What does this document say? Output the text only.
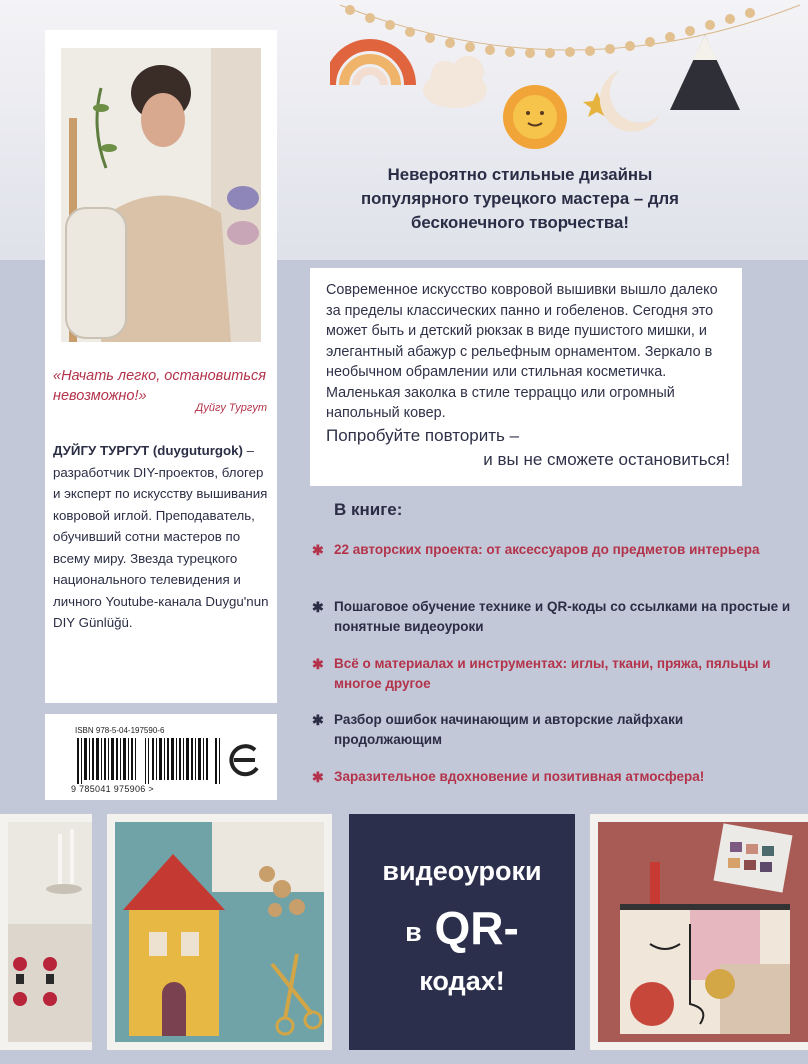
«Начать легко, остановиться невозможно!»
Дуйгу Тургут
ДУЙГУ ТУРГУТ (duyguturgok) – разработчик DIY-проектов, блогер и эксперт по искусству вышивания ковровой иглой. Преподаватель, обучивший сотни мастеров по всему миру. Звезда турецкого национального телевидения и личного Youtube-канала Duygu'nun DIY Günlüğü.
ISBN 978-5-04-197590-6
9 785041 975906 >
Невероятно стильные дизайны популярного турецкого мастера – для бесконечного творчества!
Современное искусство ковровой вышивки вышло далеко за пределы классических панно и гобеленов. Сегодня это может быть и детский рюкзак в виде пушистого мишки, и элегантный абажур с рельефным орнаментом. Зеркало в необычном обрамлении или стильная косметичка. Маленькая заколка в стиле терраццо или огромный напольный ковер.
Попробуйте повторить –
и вы не сможете остановиться!
В книге:
✱ 22 авторских проекта: от аксессуаров до предметов интерьера
✱ Пошаговое обучение технике и QR-коды со ссылками на простые и понятные видеоуроки
✱ Всё о материалах и инструментах: иглы, ткани, пряжа, пяльцы и многое другое
✱ Разбор ошибок начинающим и авторские лайфхаки продолжающим
✱ Заразительное вдохновение и позитивная атмосфера!
видеоуроки
в QR-
кодах!
